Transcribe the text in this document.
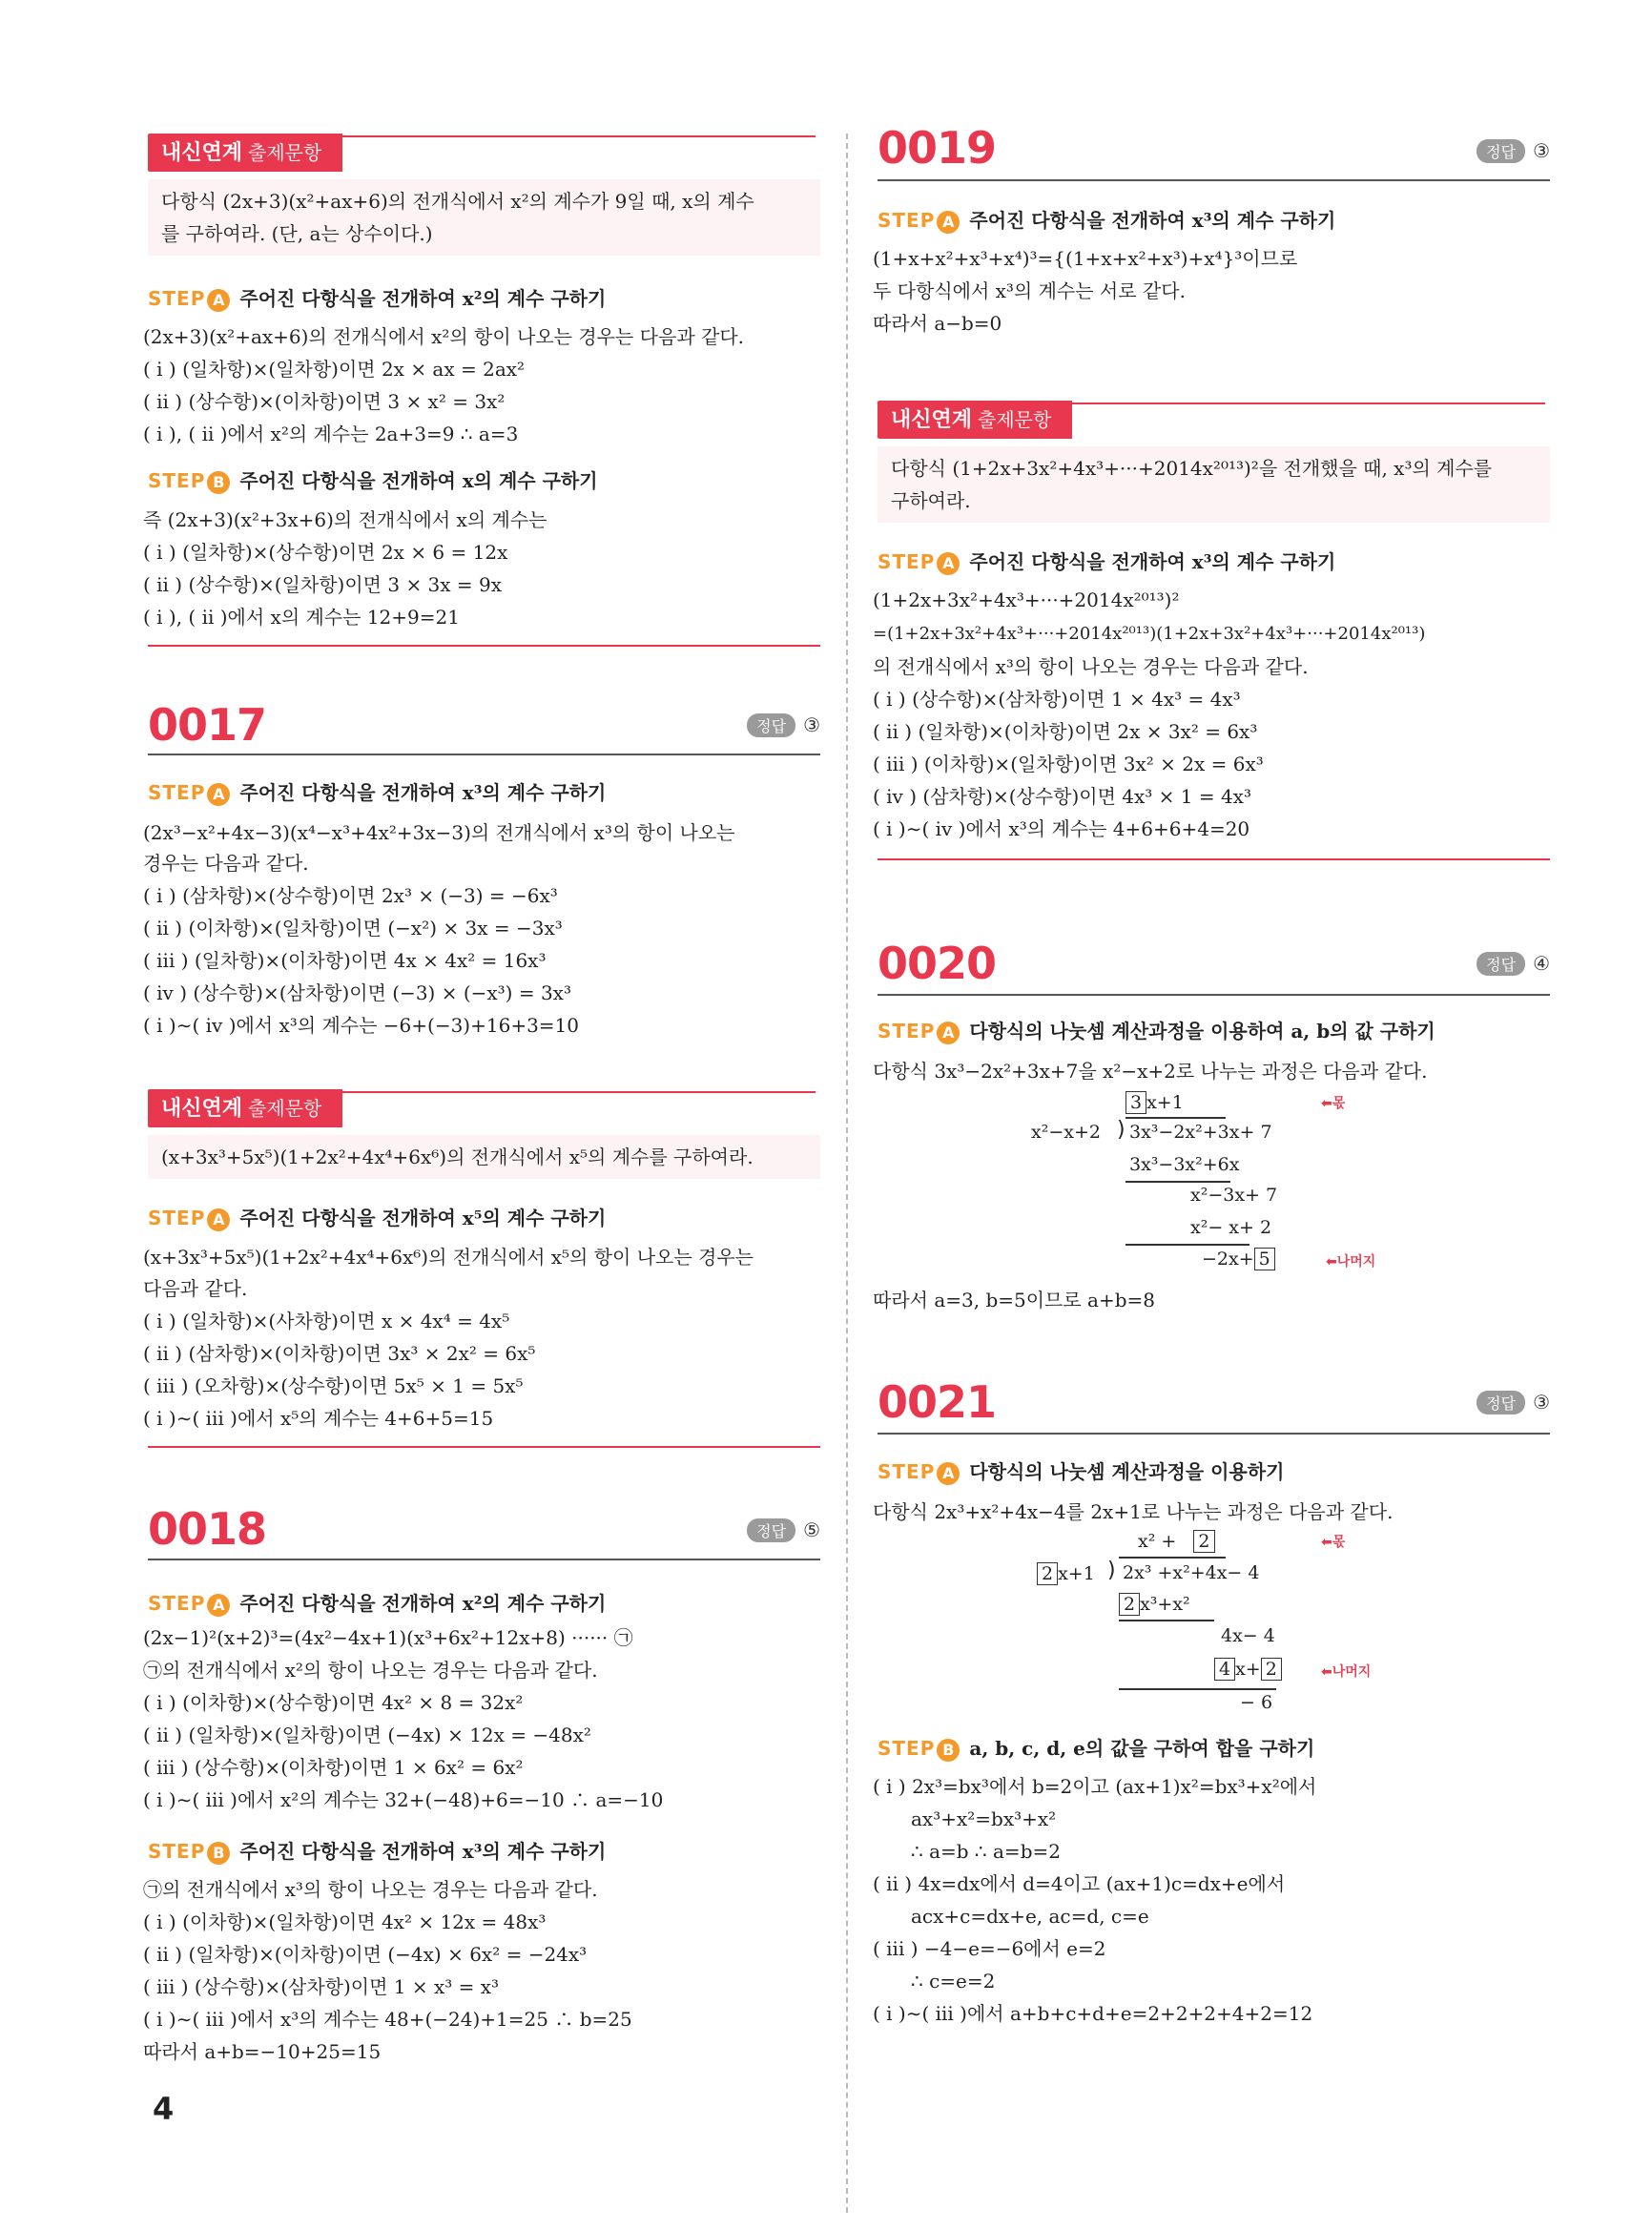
내신연계 출제문항
다항식 (2x+3)(x²+ax+6)의 전개식에서 x²의 계수가 9일 때, x의 계수
를 구하여라. (단, a는 상수이다.)
STEP A 주어진 다항식을 전개하여 x²의 계수 구하기
(2x+3)(x²+ax+6)의 전개식에서 x²의 항이 나오는 경우는 다음과 같다.
( i ) (일차항)×(일차항)이면 2x × ax = 2ax²
( ii ) (상수항)×(이차항)이면 3 × x² = 3x²
( i ), ( ii )에서 x²의 계수는 2a+3=9 ∴ a=3
STEP B 주어진 다항식을 전개하여 x의 계수 구하기
즉 (2x+3)(x²+3x+6)의 전개식에서 x의 계수는
( i ) (일차항)×(상수항)이면 2x × 6 = 12x
( ii ) (상수항)×(일차항)이면 3 × 3x = 9x
( i ), ( ii )에서 x의 계수는 12+9=21
0017	정답 ③
STEP A 주어진 다항식을 전개하여 x³의 계수 구하기
(2x³−x²+4x−3)(x⁴−x³+4x²+3x−3)의 전개식에서 x³의 항이 나오는
경우는 다음과 같다.
( i ) (삼차항)×(상수항)이면 2x³ × (−3) = −6x³
( ii ) (이차항)×(일차항)이면 (−x²) × 3x = −3x³
( iii ) (일차항)×(이차항)이면 4x × 4x² = 16x³
( iv ) (상수항)×(삼차항)이면 (−3) × (−x³) = 3x³
( i )∼( iv )에서 x³의 계수는 −6+(−3)+16+3=10
내신연계 출제문항
(x+3x³+5x⁵)(1+2x²+4x⁴+6x⁶)의 전개식에서 x⁵의 계수를 구하여라.
STEP A 주어진 다항식을 전개하여 x⁵의 계수 구하기
(x+3x³+5x⁵)(1+2x²+4x⁴+6x⁶)의 전개식에서 x⁵의 항이 나오는 경우는
다음과 같다.
( i ) (일차항)×(사차항)이면 x × 4x⁴ = 4x⁵
( ii ) (삼차항)×(이차항)이면 3x³ × 2x² = 6x⁵
( iii ) (오차항)×(상수항)이면 5x⁵ × 1 = 5x⁵
( i )∼( iii )에서 x⁵의 계수는 4+6+5=15
0018	정답 ⑤
STEP A 주어진 다항식을 전개하여 x²의 계수 구하기
(2x−1)²(x+2)³=(4x²−4x+1)(x³+6x²+12x+8) ······ ㉠
㉠의 전개식에서 x²의 항이 나오는 경우는 다음과 같다.
( i ) (이차항)×(상수항)이면 4x² × 8 = 32x²
( ii ) (일차항)×(일차항)이면 (−4x) × 12x = −48x²
( iii ) (상수항)×(이차항)이면 1 × 6x² = 6x²
( i )∼( iii )에서 x²의 계수는 32+(−48)+6=−10 ∴ a=−10
STEP B 주어진 다항식을 전개하여 x³의 계수 구하기
㉠의 전개식에서 x³의 항이 나오는 경우는 다음과 같다.
( i ) (이차항)×(일차항)이면 4x² × 12x = 48x³
( ii ) (일차항)×(이차항)이면 (−4x) × 6x² = −24x³
( iii ) (상수항)×(삼차항)이면 1 × x³ = x³
( i )∼( iii )에서 x³의 계수는 48+(−24)+1=25 ∴ b=25
따라서 a+b=−10+25=15
0019	정답 ③
STEP A 주어진 다항식을 전개하여 x³의 계수 구하기
(1+x+x²+x³+x⁴)³={(1+x+x²+x³)+x⁴}³이므로
두 다항식에서 x³의 계수는 서로 같다.
따라서 a−b=0
내신연계 출제문항
다항식 (1+2x+3x²+4x³+···+2014x²⁰¹³)²을 전개했을 때, x³의 계수를
구하여라.
STEP A 주어진 다항식을 전개하여 x³의 계수 구하기
(1+2x+3x²+4x³+···+2014x²⁰¹³)²
=(1+2x+3x²+4x³+···+2014x²⁰¹³)(1+2x+3x²+4x³+···+2014x²⁰¹³)
의 전개식에서 x³의 항이 나오는 경우는 다음과 같다.
( i ) (상수항)×(삼차항)이면 1 × 4x³ = 4x³
( ii ) (일차항)×(이차항)이면 2x × 3x² = 6x³
( iii ) (이차항)×(일차항)이면 3x² × 2x = 6x³
( iv ) (삼차항)×(상수항)이면 4x³ × 1 = 4x³
( i )∼( iv )에서 x³의 계수는 4+6+6+4=20
0020	정답 ④
STEP A 다항식의 나눗셈 계산과정을 이용하여 a, b의 값 구하기
다항식 3x³−2x²+3x+7을 x²−x+2로 나누는 과정은 다음과 같다.
3 x+1	⬅몫
x²−x+2 ) 3x³−2x²+3x+ 7
3x³−3x²+6x
x²−3x+ 7
x²− x+ 2
−2x+ 5	⬅나머지
따라서 a=3, b=5이므로 a+b=8
0021	정답 ③
STEP A 다항식의 나눗셈 계산과정을 이용하기
다항식 2x³+x²+4x−4를 2x+1로 나누는 과정은 다음과 같다.
x² + 2	⬅몫
2 x+1 ) 2x³ +x²+4x− 4
2 x³+x²
4x− 4
4 x+ 2	⬅나머지
− 6
STEP B a, b, c, d, e의 값을 구하여 합을 구하기
( i ) 2x³=bx³에서 b=2이고 (ax+1)x²=bx³+x²에서
ax³+x²=bx³+x²
∴ a=b ∴ a=b=2
( ii ) 4x=dx에서 d=4이고 (ax+1)c=dx+e에서
acx+c=dx+e, ac=d, c=e
( iii ) −4−e=−6에서 e=2
∴ c=e=2
( i )∼( iii )에서 a+b+c+d+e=2+2+2+4+2=12
4
